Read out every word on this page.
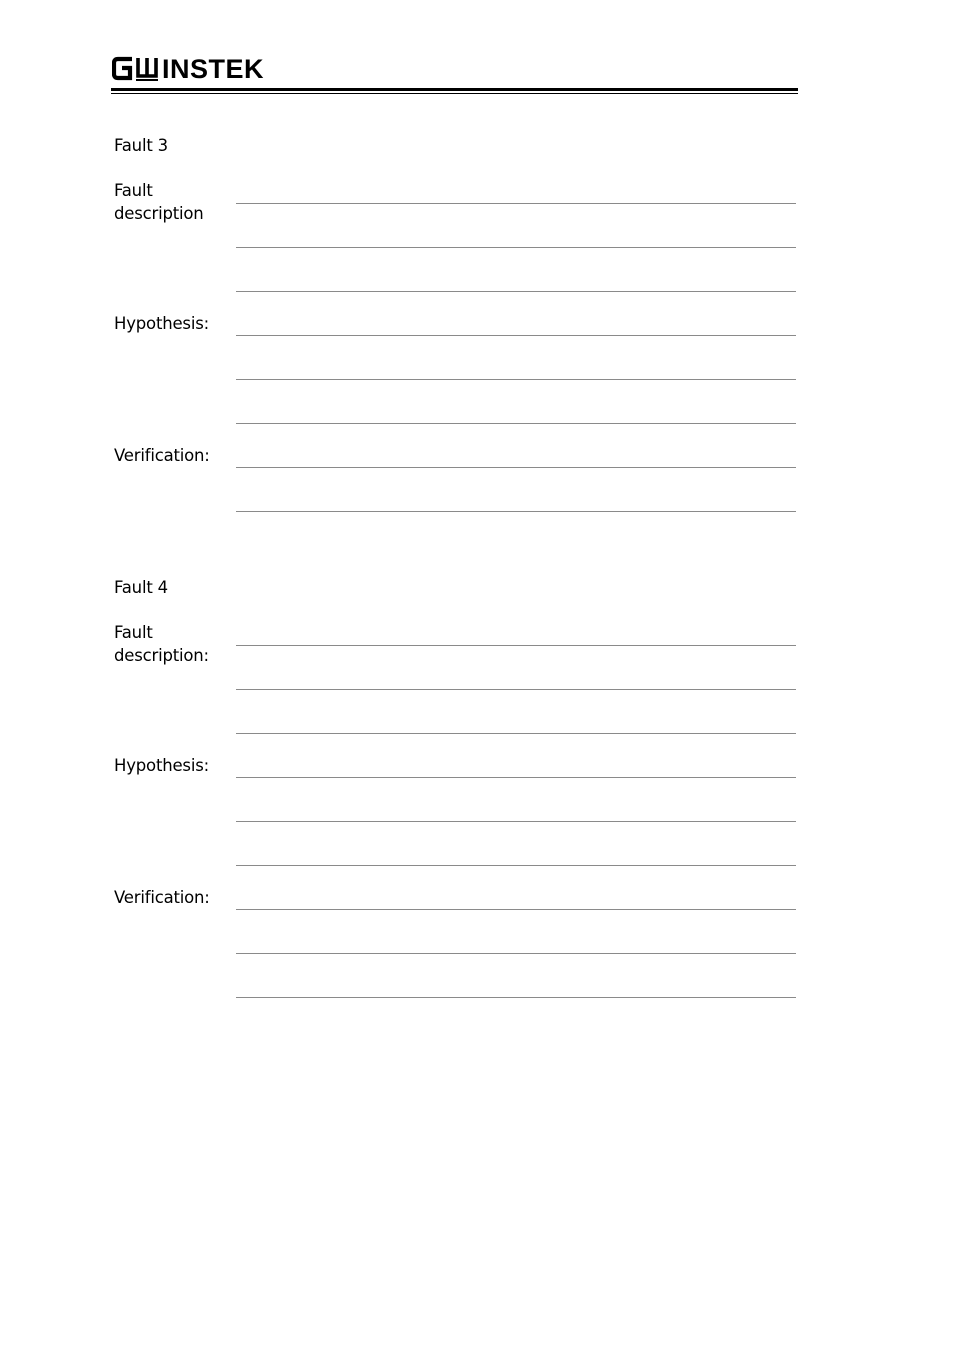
INSTEK
Fault 3
Fault
description
Hypothesis:
Verification:
Fault 4
Fault
description:
Hypothesis:
Verification:
